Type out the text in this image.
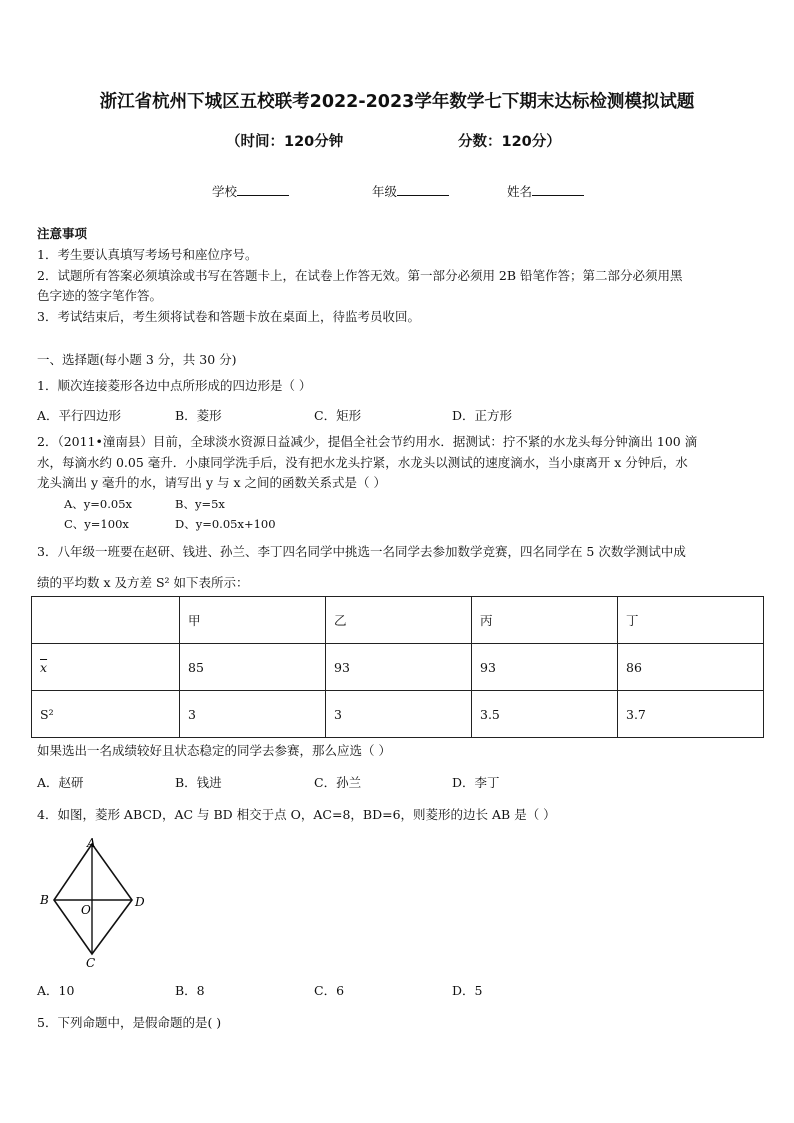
浙江省杭州下城区五校联考2022-2023学年数学七下期末达标检测模拟试题
（时间：120分钟	分数：120分）
学校	年级	姓名
注意事项
1．考生要认真填写考场号和座位序号。
2．试题所有答案必须填涂或书写在答题卡上，在试卷上作答无效。第一部分必须用 2B 铅笔作答；第二部分必须用黑
色字迹的签字笔作答。
3．考试结束后，考生须将试卷和答题卡放在桌面上，待监考员收回。
一、选择题(每小题 3 分，共 30 分)
1．顺次连接菱形各边中点所形成的四边形是（ ）
A．平行四边形	B．菱形	C．矩形	D．正方形
2．（2011•潼南县）目前，全球淡水资源日益减少，提倡全社会节约用水．据测试：拧不紧的水龙头每分钟滴出 100 滴
水，每滴水约 0.05 毫升．小康同学洗手后，没有把水龙头拧紧，水龙头以测试的速度滴水，当小康离开 x 分钟后，水
龙头滴出 y 毫升的水，请写出 y 与 x 之间的函数关系式是（ ）
A、y=0.05x	B、y=5x
C、y=100x	D、y=0.05x+100
3．八年级一班要在赵研、钱进、孙兰、李丁四名同学中挑选一名同学去参加数学竞赛，四名同学在 5 次数学测试中成
绩的平均数 x 及方差 S² 如下表所示：
	甲	乙	丙	丁
$\overline{x}$	85	93	93	86
S²	3	3	3.5	3.7
如果选出一名成绩较好且状态稳定的同学去参赛，那么应选（ ）
A．赵研	B．钱进	C．孙兰	D．李丁
4．如图，菱形 ABCD，AC 与 BD 相交于点 O，AC=8，BD=6，则菱形的边长 AB 是（ ）
A
B	D
C
O
A．10	B．8	C．6	D．5
5．下列命题中，是假命题的是( )
